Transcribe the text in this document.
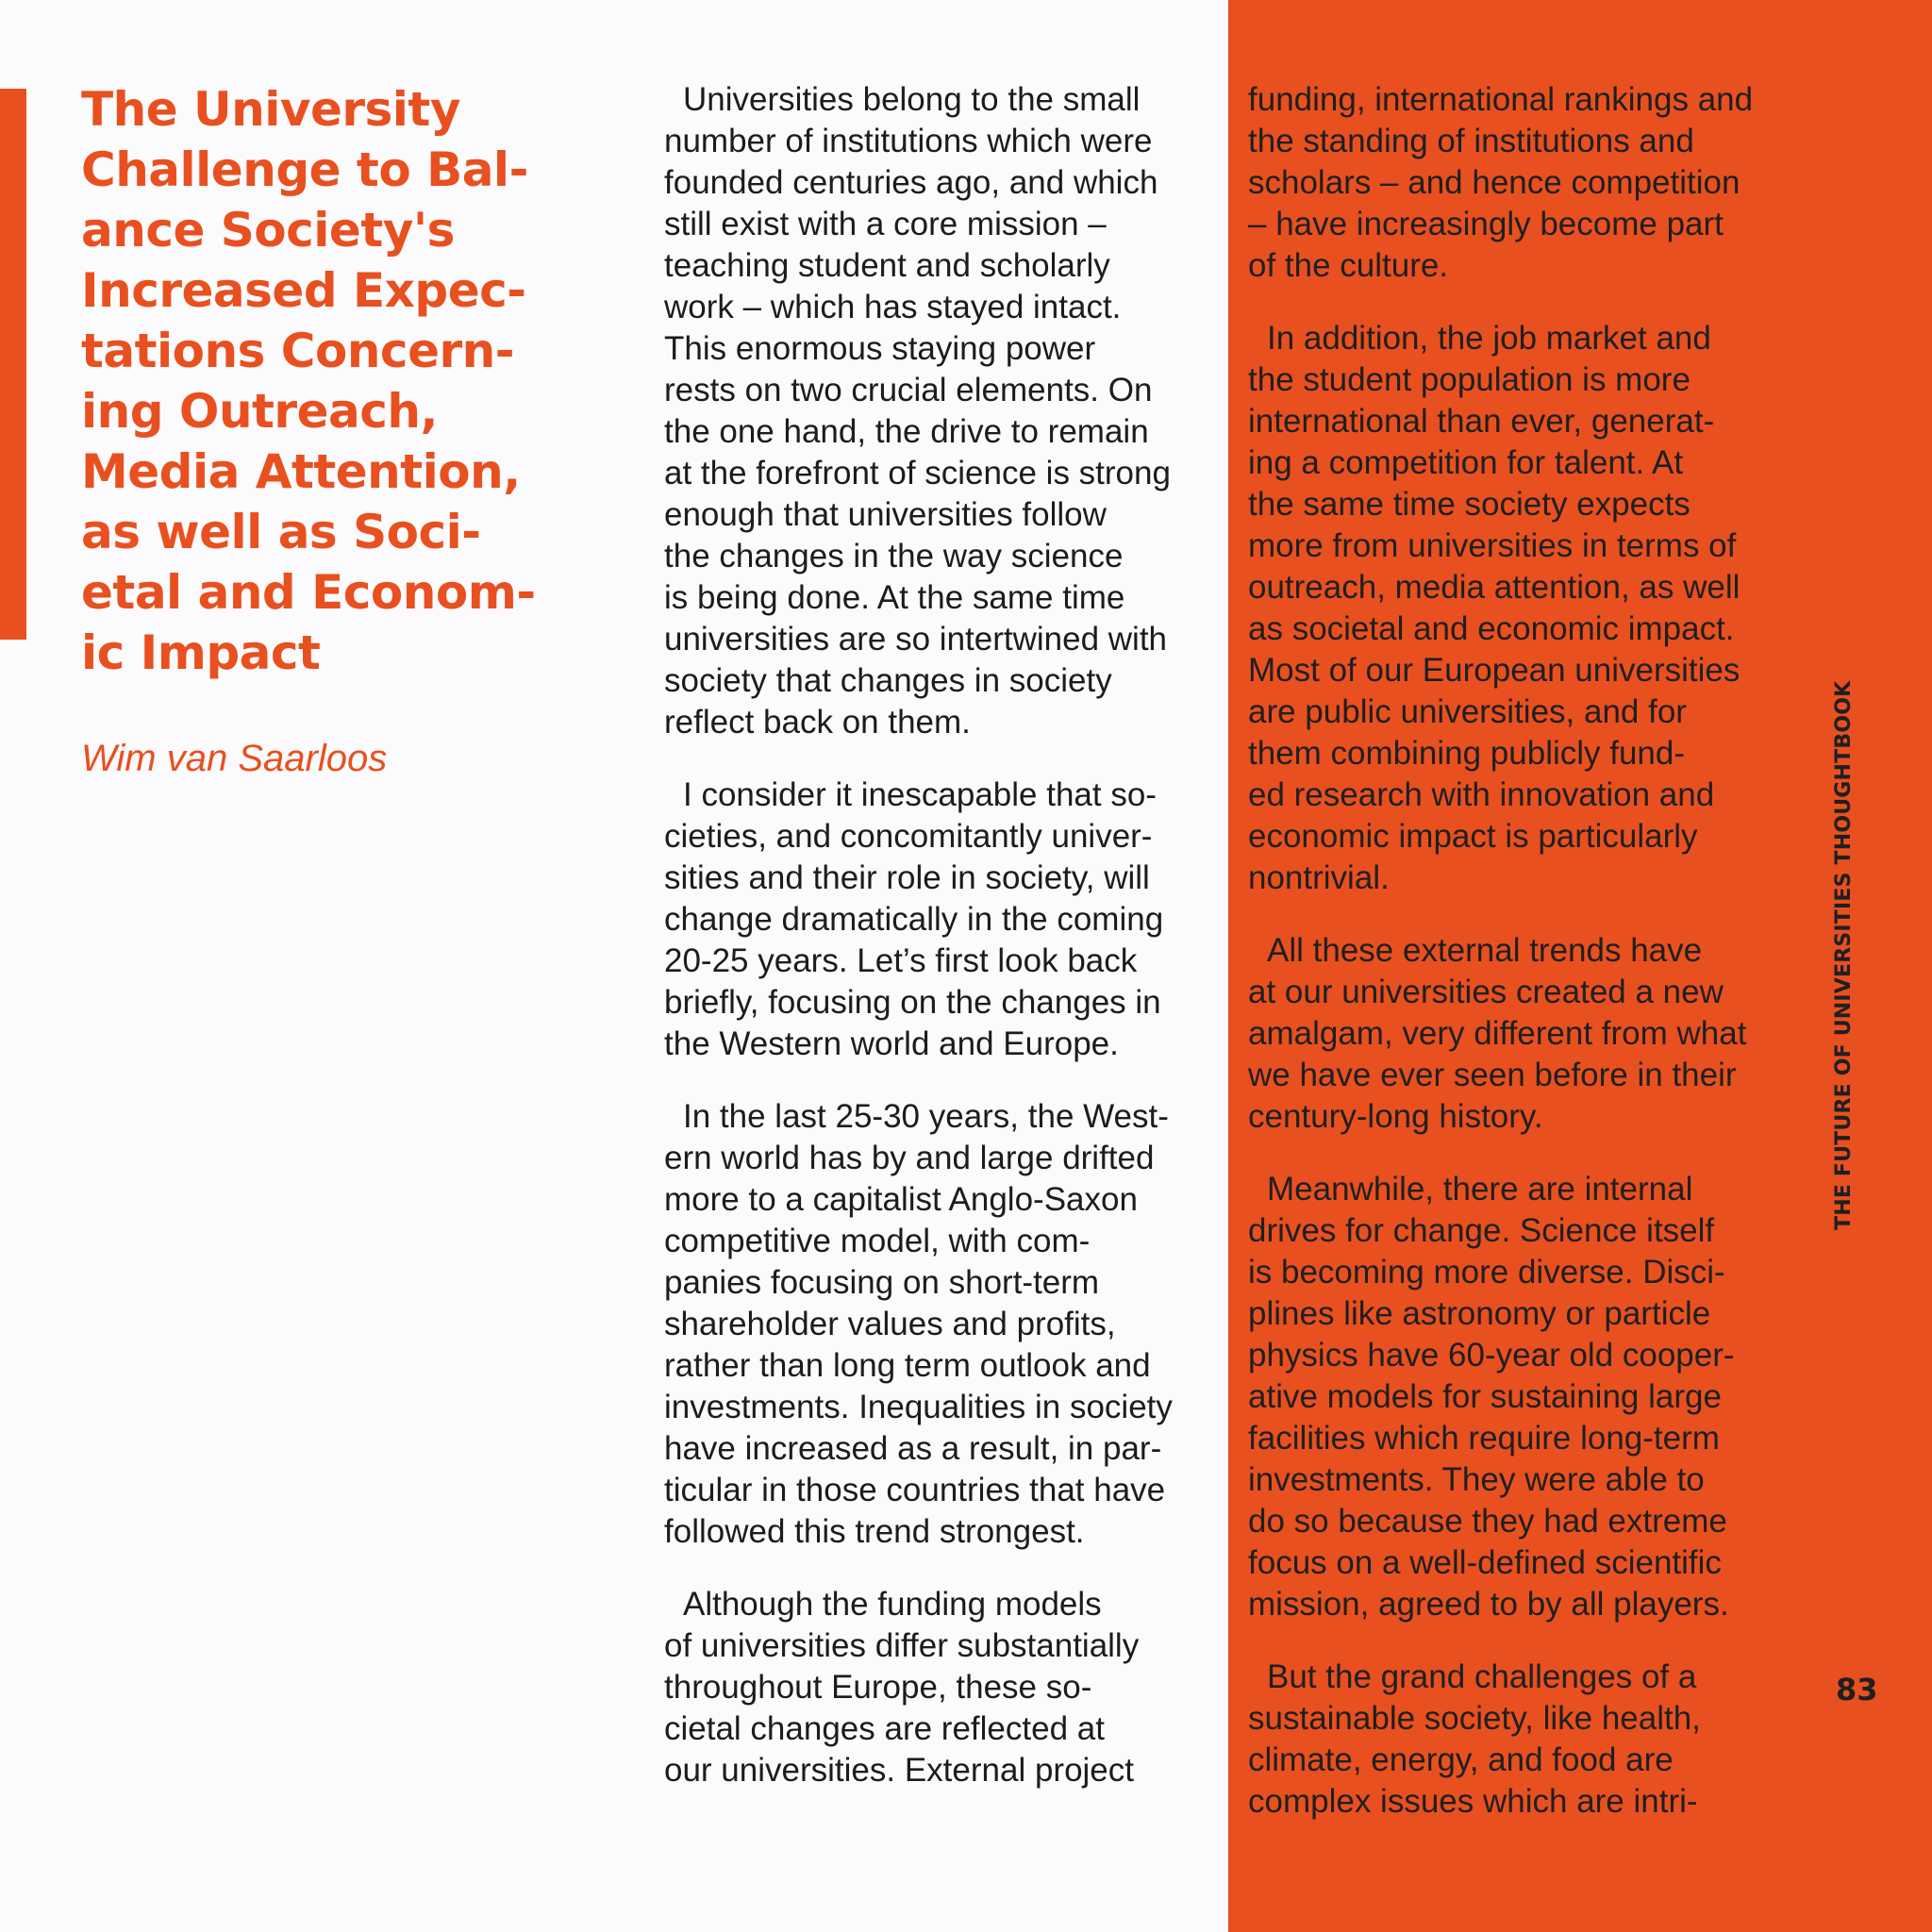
The University
Challenge to Bal-
ance Society's
Increased Expec-
tations Concern-
ing Outreach,
Media Attention,
as well as Soci-
etal and Econom-
ic Impact

Wim van Saarloos

Universities belong to the small
number of institutions which were
founded centuries ago, and which
still exist with a core mission –
teaching student and scholarly
work – which has stayed intact.
This enormous staying power
rests on two crucial elements. On
the one hand, the drive to remain
at the forefront of science is strong
enough that universities follow
the changes in the way science
is being done. At the same time
universities are so intertwined with
society that changes in society
reflect back on them.

I consider it inescapable that so-
cieties, and concomitantly univer-
sities and their role in society, will
change dramatically in the coming
20-25 years. Let’s first look back
briefly, focusing on the changes in
the Western world and Europe.

In the last 25-30 years, the West-
ern world has by and large drifted
more to a capitalist Anglo-Saxon
competitive model, with com-
panies focusing on short-term
shareholder values and profits,
rather than long term outlook and
investments. Inequalities in society
have increased as a result, in par-
ticular in those countries that have
followed this trend strongest.

Although the funding models
of universities differ substantially
throughout Europe, these so-
cietal changes are reflected at
our universities. External project

funding, international rankings and
the standing of institutions and
scholars – and hence competition
– have increasingly become part
of the culture.

In addition, the job market and
the student population is more
international than ever, generat-
ing a competition for talent. At
the same time society expects
more from universities in terms of
outreach, media attention, as well
as societal and economic impact.
Most of our European universities
are public universities, and for
them combining publicly fund-
ed research with innovation and
economic impact is particularly
nontrivial.

All these external trends have
at our universities created a new
amalgam, very different from what
we have ever seen before in their
century-long history.

Meanwhile, there are internal
drives for change. Science itself
is becoming more diverse. Disci-
plines like astronomy or particle
physics have 60-year old cooper-
ative models for sustaining large
facilities which require long-term
investments. They were able to
do so because they had extreme
focus on a well-defined scientific
mission, agreed to by all players.

But the grand challenges of a
sustainable society, like health,
climate, energy, and food are
complex issues which are intri-

THE FUTURE OF UNIVERSITIES THOUGHTBOOK
83
